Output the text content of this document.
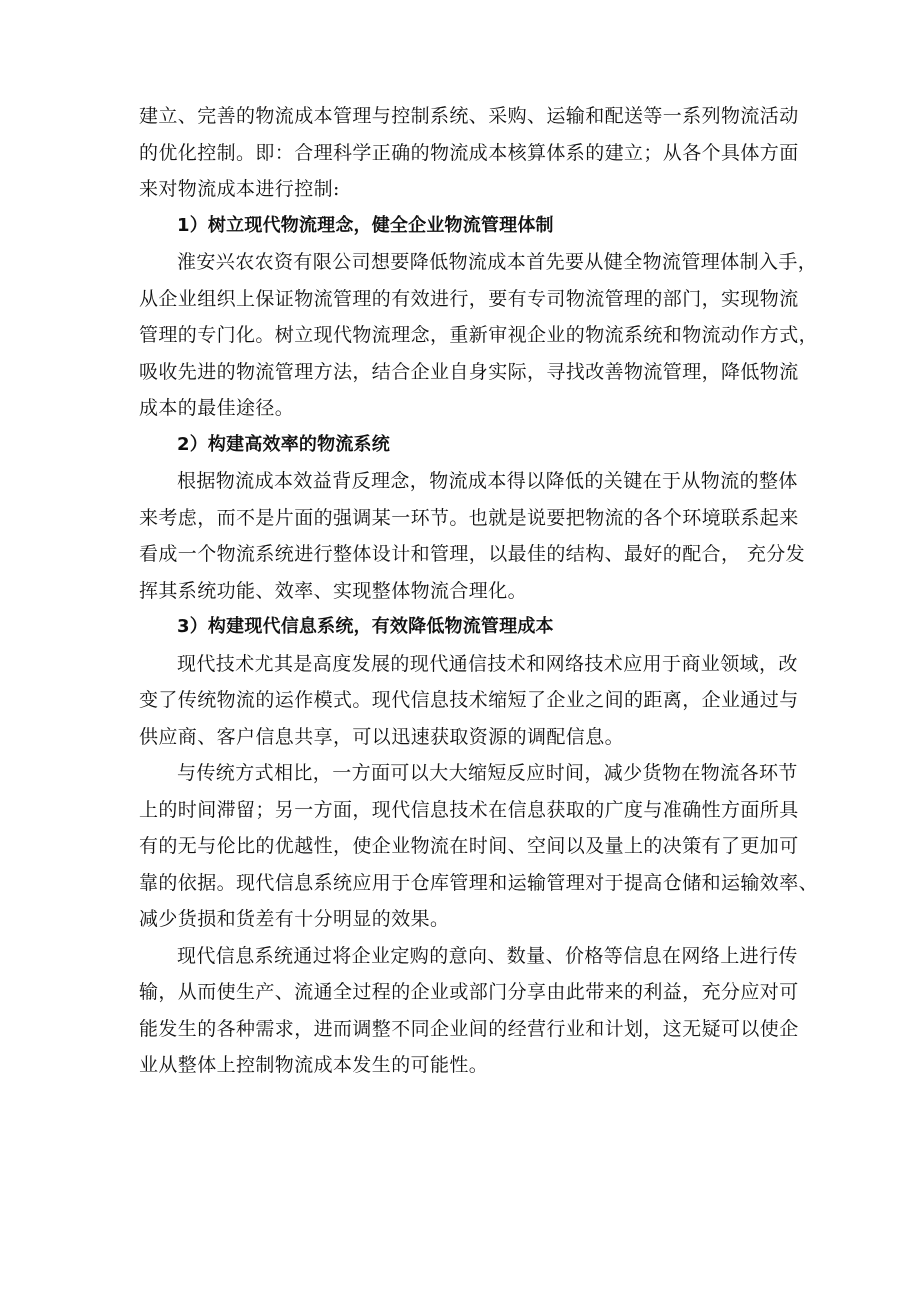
建立、完善的物流成本管理与控制系统、采购、运输和配送等一系列物流活动
的优化控制。即：合理科学正确的物流成本核算体系的建立；从各个具体方面
来对物流成本进行控制:
1）树立现代物流理念，健全企业物流管理体制
淮安兴农农资有限公司想要降低物流成本首先要从健全物流管理体制入手，
从企业组织上保证物流管理的有效进行，要有专司物流管理的部门，实现物流
管理的专门化。树立现代物流理念，重新审视企业的物流系统和物流动作方式，
吸收先进的物流管理方法，结合企业自身实际，寻找改善物流管理，降低物流
成本的最佳途径。
2）构建高效率的物流系统
根据物流成本效益背反理念，物流成本得以降低的关键在于从物流的整体
来考虑，而不是片面的强调某一环节。也就是说要把物流的各个环境联系起来
看成一个物流系统进行整体设计和管理，以最佳的结构、最好的配合， 充分发
挥其系统功能、效率、实现整体物流合理化。
3）构建现代信息系统，有效降低物流管理成本
现代技术尤其是高度发展的现代通信技术和网络技术应用于商业领域，改
变了传统物流的运作模式。现代信息技术缩短了企业之间的距离，企业通过与
供应商、客户信息共享，可以迅速获取资源的调配信息。
与传统方式相比，一方面可以大大缩短反应时间，减少货物在物流各环节
上的时间滞留；另一方面，现代信息技术在信息获取的广度与准确性方面所具
有的无与伦比的优越性，使企业物流在时间、空间以及量上的决策有了更加可
靠的依据。现代信息系统应用于仓库管理和运输管理对于提高仓储和运输效率、
减少货损和货差有十分明显的效果。
现代信息系统通过将企业定购的意向、数量、价格等信息在网络上进行传
输，从而使生产、流通全过程的企业或部门分享由此带来的利益，充分应对可
能发生的各种需求，进而调整不同企业间的经营行业和计划，这无疑可以使企
业从整体上控制物流成本发生的可能性。
